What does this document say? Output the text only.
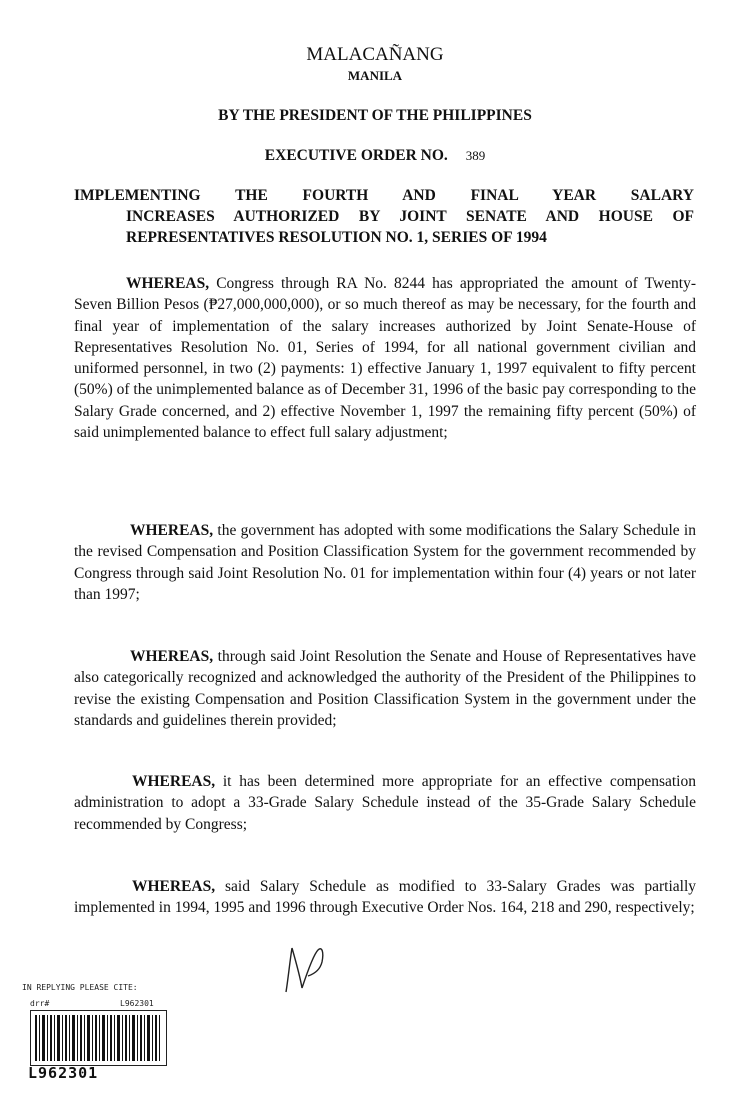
MALACAÑANG
MANILA
BY THE PRESIDENT OF THE PHILIPPINES
EXECUTIVE ORDER NO. 389
IMPLEMENTING THE FOURTH AND FINAL YEAR SALARY
INCREASES AUTHORIZED BY JOINT SENATE AND HOUSE OF
REPRESENTATIVES RESOLUTION NO. 1, SERIES OF 1994
WHEREAS, Congress through RA No. 8244 has appropriated the amount of Twenty-Seven Billion Pesos (₱27,000,000,000), or so much thereof as may be necessary, for the fourth and final year of implementation of the salary increases authorized by Joint Senate-House of Representatives Resolution No. 01, Series of 1994, for all national government civilian and uniformed personnel, in two (2) payments: 1) effective January 1, 1997 equivalent to fifty percent (50%) of the unimplemented balance as of December 31, 1996 of the basic pay corresponding to the Salary Grade concerned, and 2) effective November 1, 1997 the remaining fifty percent (50%) of said unimplemented balance to effect full salary adjustment;
WHEREAS, the government has adopted with some modifications the Salary Schedule in the revised Compensation and Position Classification System for the government recommended by Congress through said Joint Resolution No. 01 for implementation within four (4) years or not later than 1997;
WHEREAS, through said Joint Resolution the Senate and House of Representatives have also categorically recognized and acknowledged the authority of the President of the Philippines to revise the existing Compensation and Position Classification System in the government under the standards and guidelines therein provided;
WHEREAS, it has been determined more appropriate for an effective compensation administration to adopt a 33-Grade Salary Schedule instead of the 35-Grade Salary Schedule recommended by Congress;
WHEREAS, said Salary Schedule as modified to 33-Salary Grades was partially implemented in 1994, 1995 and 1996 through Executive Order Nos. 164, 218 and 290, respectively;
IN REPLYING PLEASE CITE:
drr#	L962301
L962301
